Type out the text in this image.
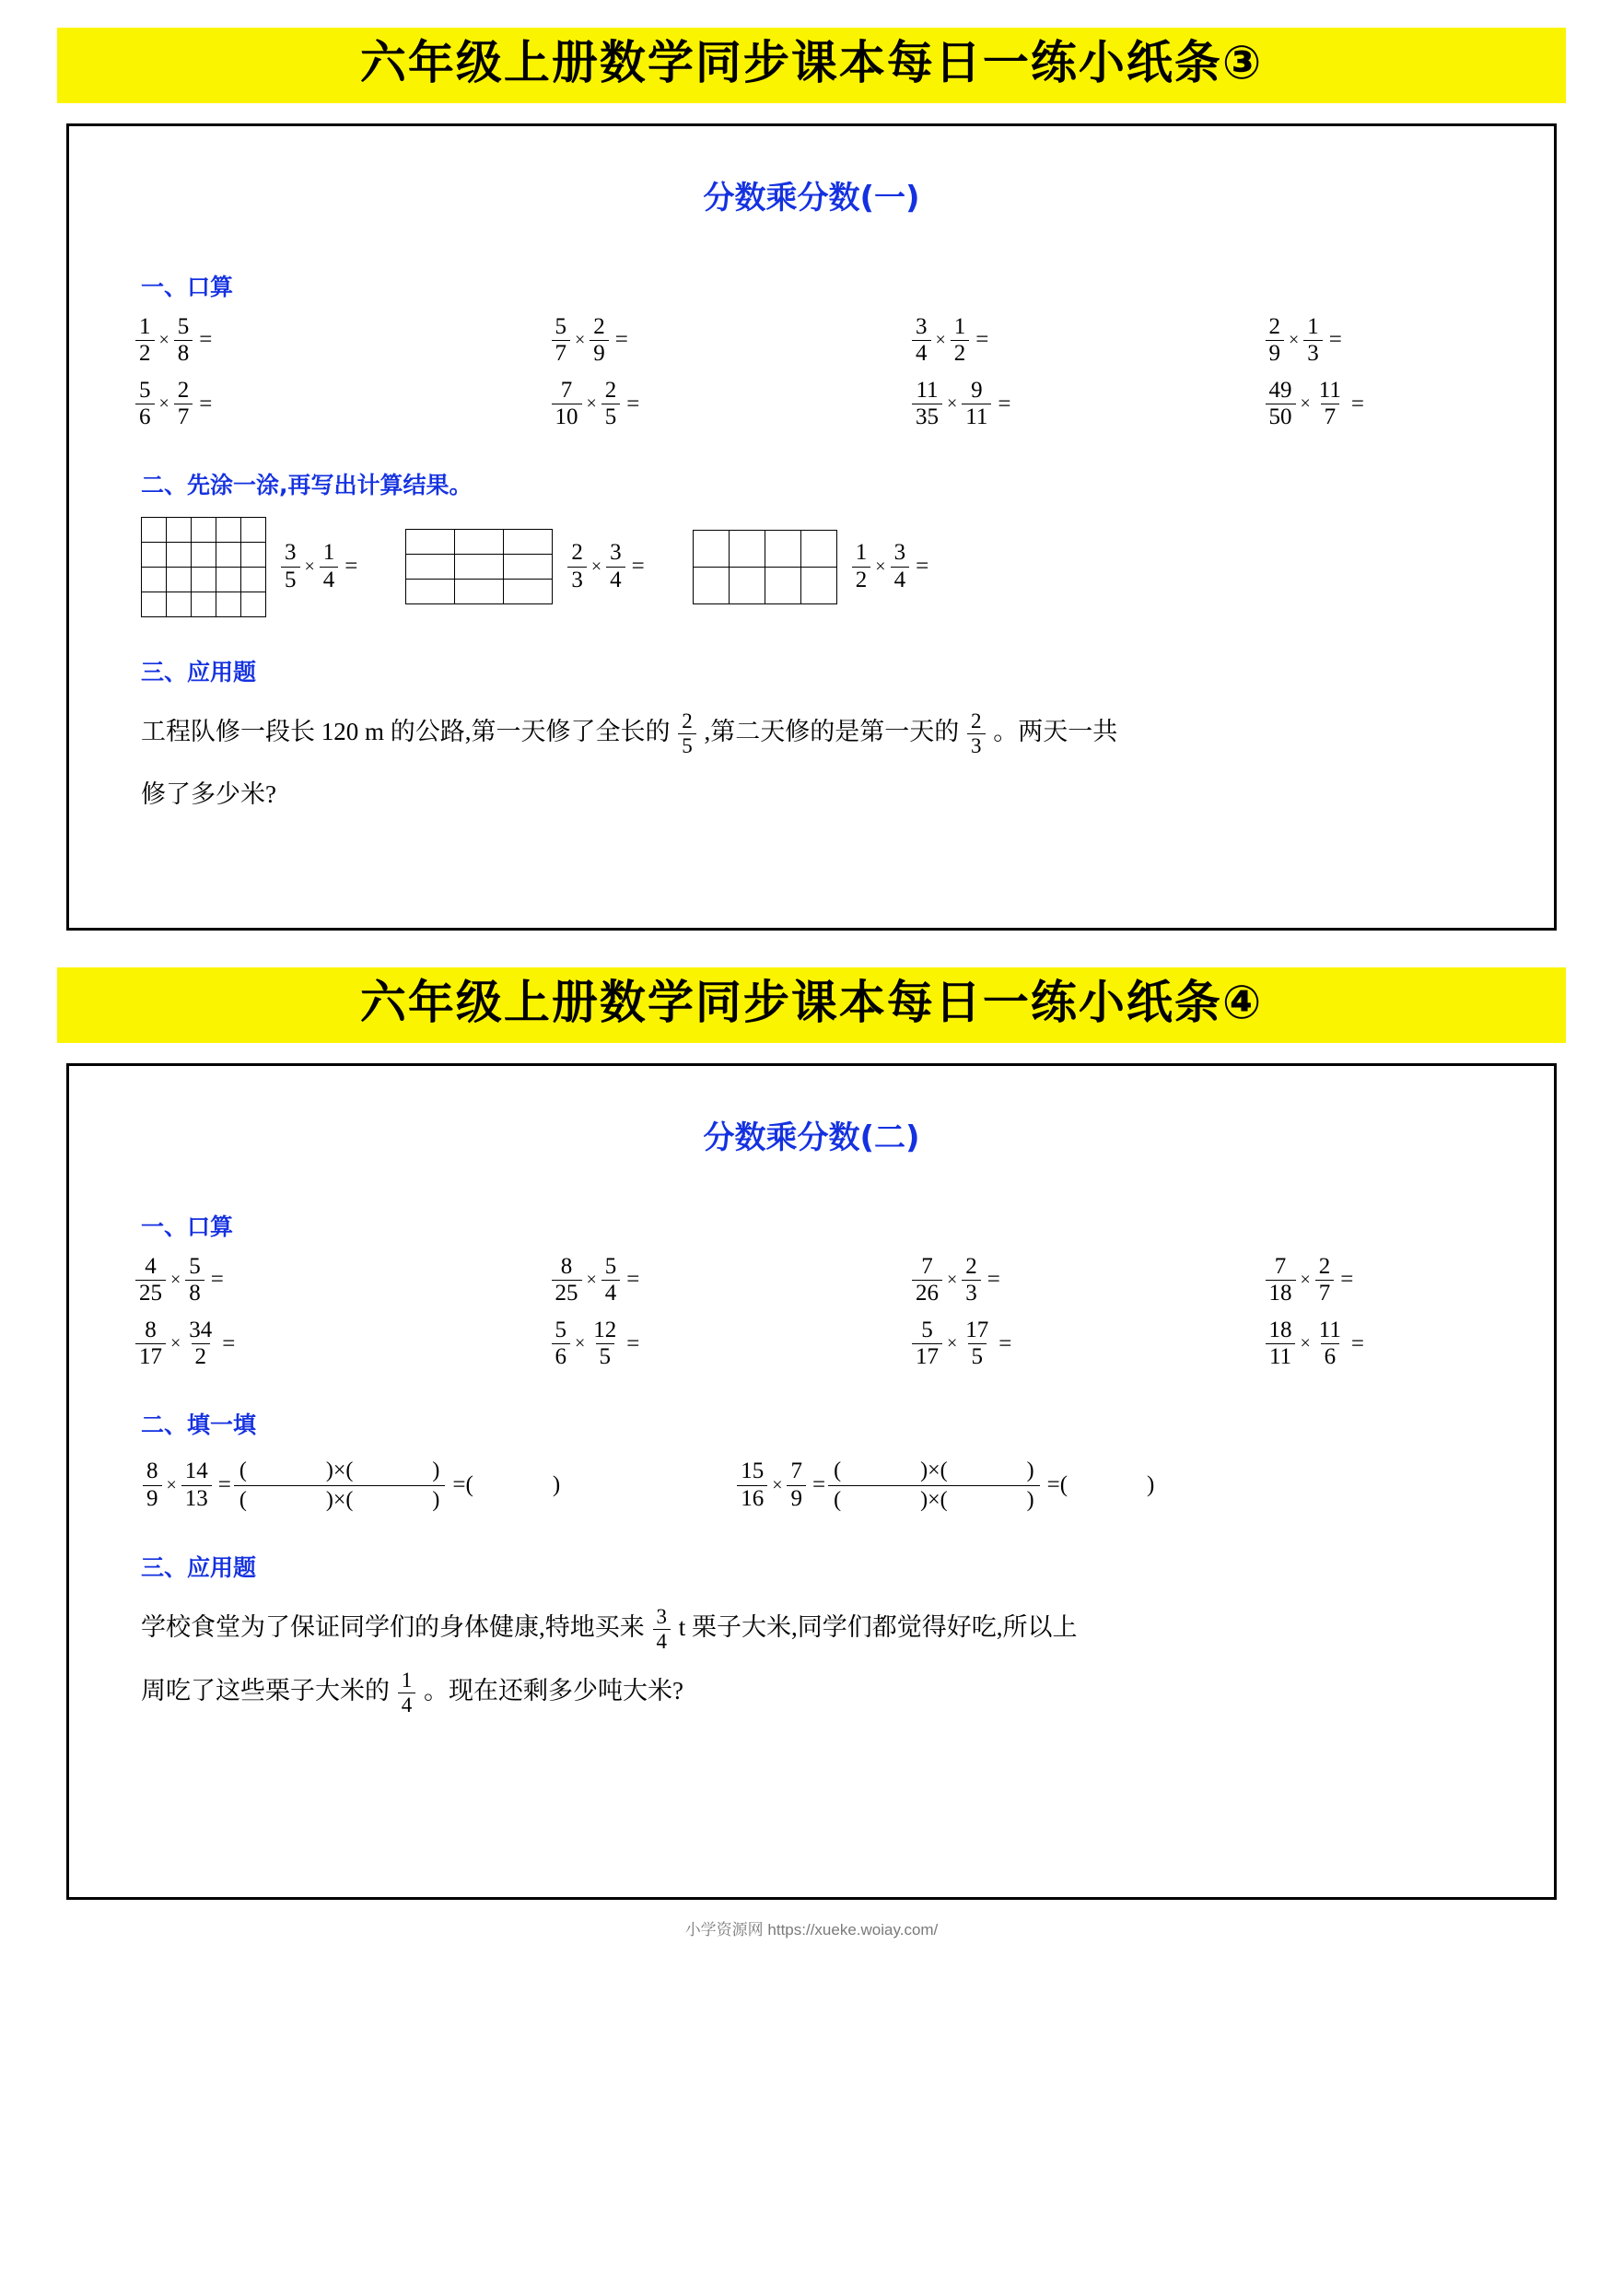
六年级上册数学同步课本每日一练小纸条③
分数乘分数(一)
一、口算
$\frac{1}{2} \times \frac{5}{8}$ =	$\frac{5}{7} \times \frac{2}{9}$ =	$\frac{3}{4} \times \frac{1}{2}$ =	$\frac{2}{9} \times \frac{1}{3}$ =
$\frac{5}{6} \times \frac{2}{7}$ =	$\frac{7}{10} \times \frac{2}{5}$ =	$\frac{11}{35} \times \frac{9}{11}$ =	$\frac{49}{50} \times \frac{11}{7}$ =
二、先涂一涂,再写出计算结果。

$\frac{3}{5} \times \frac{1}{4}$ =

			$\frac{2}{3} \times \frac{3}{4}$ =

				$\frac{1}{2} \times \frac{3}{4}$ =
三、应用题
工程队修一段长 120 m 的公路,第一天修了全长的 $\frac{2}{5}$ ,第二天修的是第一天的 $\frac{2}{3}$ 。两天一共
修了多少米?
六年级上册数学同步课本每日一练小纸条④
分数乘分数(二)
一、口算
$\frac{4}{25} \times \frac{5}{8}$ =	$\frac{8}{25} \times \frac{5}{4}$ =	$\frac{7}{26} \times \frac{2}{3}$ =	$\frac{7}{18} \times \frac{2}{7}$ =
$\frac{8}{17} \times \frac{34}{2}$ =	$\frac{5}{6} \times \frac{12}{5}$ =	$\frac{5}{17} \times \frac{17}{5}$ =	$\frac{18}{11} \times \frac{11}{6}$ =
二、填一填
$\frac{8}{9} \times \frac{14}{13}$ = (	)×(	)
(	)×(	) = (	)	$\frac{15}{16} \times \frac{7}{9}$ = (	)×(	)
(	)×(	) = (	)
三、应用题
学校食堂为了保证同学们的身体健康,特地买来 $\frac{3}{4}$ t 栗子大米,同学们都觉得好吃,所以上
周吃了这些栗子大米的 $\frac{1}{4}$ 。现在还剩多少吨大米?
小学资源网 https://xueke.woiay.com/
